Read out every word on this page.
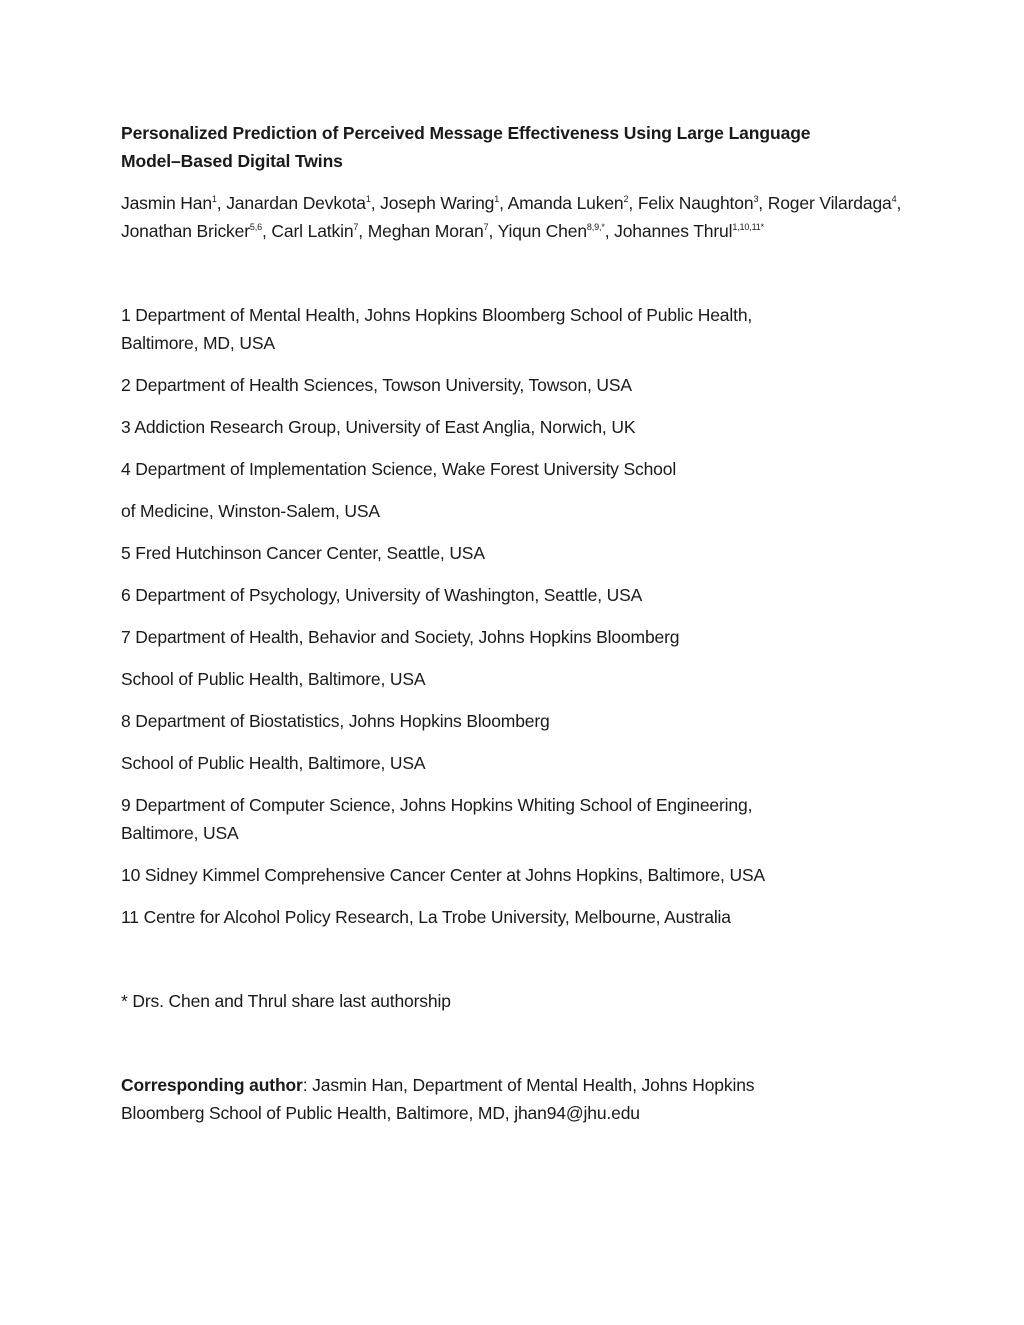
Personalized Prediction of Perceived Message Effectiveness Using Large Language
Model–Based Digital Twins

Jasmin Han$^1$, Janardan Devkota$^1$, Joseph Waring$^1$, Amanda Luken$^2$, Felix Naughton$^3$, Roger Vilardaga$^4$, Jonathan Bricker$^{5,6}$, Carl Latkin$^7$, Meghan Moran$^7$, Yiqun Chen$^{8,9,*}$, Johannes Thrul$^{1,10,11*}$

1 Department of Mental Health, Johns Hopkins Bloomberg School of Public Health,
Baltimore, MD, USA

2 Department of Health Sciences, Towson University, Towson, USA

3 Addiction Research Group, University of East Anglia, Norwich, UK

4 Department of Implementation Science, Wake Forest University School

of Medicine, Winston-Salem, USA

5 Fred Hutchinson Cancer Center, Seattle, USA

6 Department of Psychology, University of Washington, Seattle, USA

7 Department of Health, Behavior and Society, Johns Hopkins Bloomberg

School of Public Health, Baltimore, USA

8 Department of Biostatistics, Johns Hopkins Bloomberg

School of Public Health, Baltimore, USA

9 Department of Computer Science, Johns Hopkins Whiting School of Engineering,
Baltimore, USA

10 Sidney Kimmel Comprehensive Cancer Center at Johns Hopkins, Baltimore, USA

11 Centre for Alcohol Policy Research, La Trobe University, Melbourne, Australia

* Drs. Chen and Thrul share last authorship

Corresponding author: Jasmin Han, Department of Mental Health, Johns Hopkins
Bloomberg School of Public Health, Baltimore, MD, jhan94@jhu.edu
